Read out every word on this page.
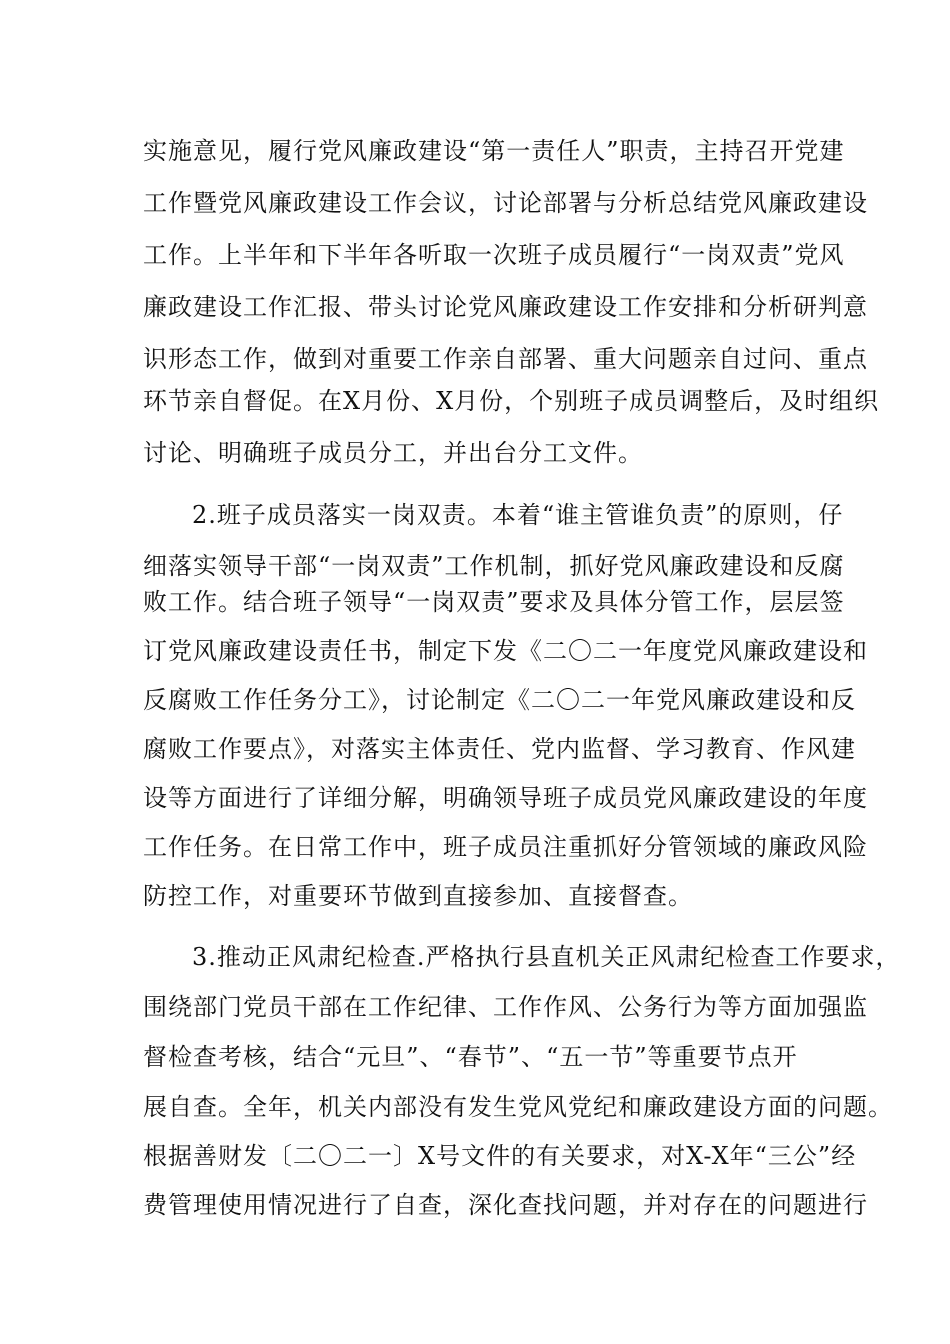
实施意见，履行党风廉政建设“第一责任人”职责，主持召开党建
工作暨党风廉政建设工作会议，讨论部署与分析总结党风廉政建设
工作。上半年和下半年各听取一次班子成员履行“一岗双责”党风
廉政建设工作汇报、带头讨论党风廉政建设工作安排和分析研判意
识形态工作，做到对重要工作亲自部署、重大问题亲自过问、重点
环节亲自督促。在X月份、X月份，个别班子成员调整后，及时组织
讨论、明确班子成员分工，并出台分工文件。
2.班子成员落实一岗双责。本着“谁主管谁负责”的原则，仔
细落实领导干部“一岗双责”工作机制，抓好党风廉政建设和反腐
败工作。结合班子领导“一岗双责”要求及具体分管工作，层层签
订党风廉政建设责任书，制定下发《二〇二一年度党风廉政建设和
反腐败工作任务分工》，讨论制定《二〇二一年党风廉政建设和反
腐败工作要点》，对落实主体责任、党内监督、学习教育、作风建
设等方面进行了详细分解，明确领导班子成员党风廉政建设的年度
工作任务。在日常工作中，班子成员注重抓好分管领域的廉政风险
防控工作，对重要环节做到直接参加、直接督查。
3.推动正风肃纪检查.严格执行县直机关正风肃纪检查工作要求，
围绕部门党员干部在工作纪律、工作作风、公务行为等方面加强监
督检查考核，结合“元旦”、“春节”、“五一节”等重要节点开
展自查。全年，机关内部没有发生党风党纪和廉政建设方面的问题。
根据善财发〔二〇二一〕X号文件的有关要求，对X-X年“三公”经
费管理使用情况进行了自查，深化查找问题，并对存在的问题进行
